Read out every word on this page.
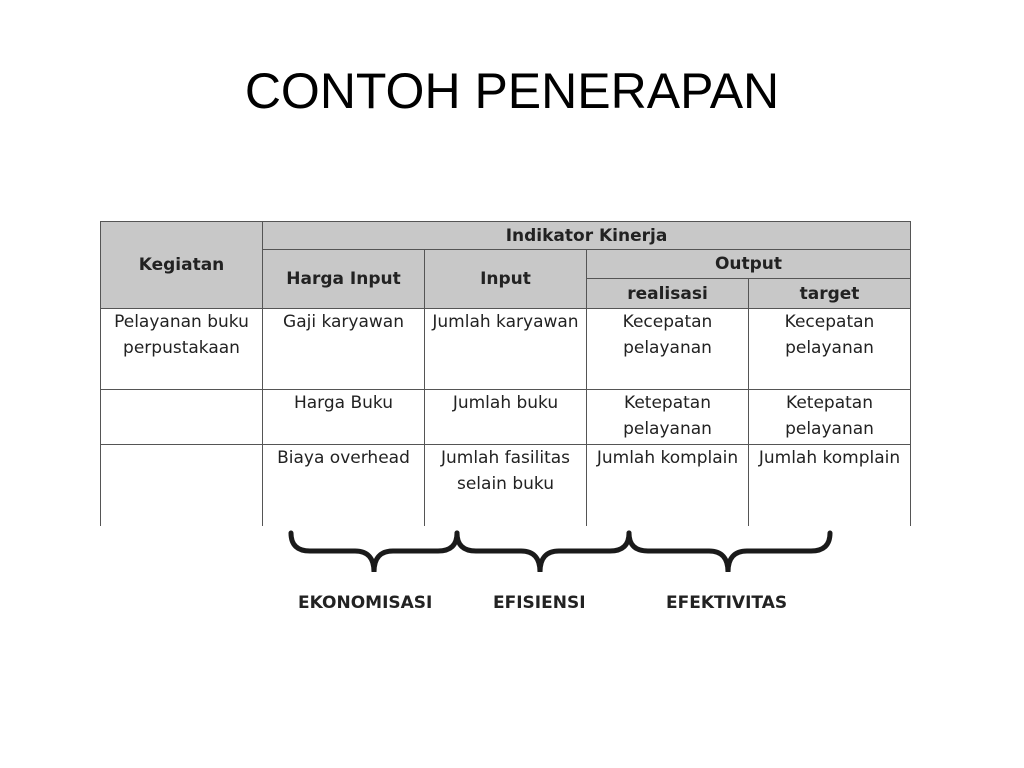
CONTOH PENERAPAN
Kegiatan	Indikator Kinerja			
	Harga Input	Input	Output	
			realisasi	target
Pelayanan buku perpustakaan	Gaji karyawan	Jumlah karyawan	Kecepatan pelayanan	Kecepatan pelayanan
	Harga Buku	Jumlah buku	Ketepatan pelayanan	Ketepatan pelayanan
	Biaya overhead	Jumlah fasilitas selain buku	Jumlah komplain	Jumlah komplain
EKONOMISASI	EFISIENSI	EFEKTIVITAS
